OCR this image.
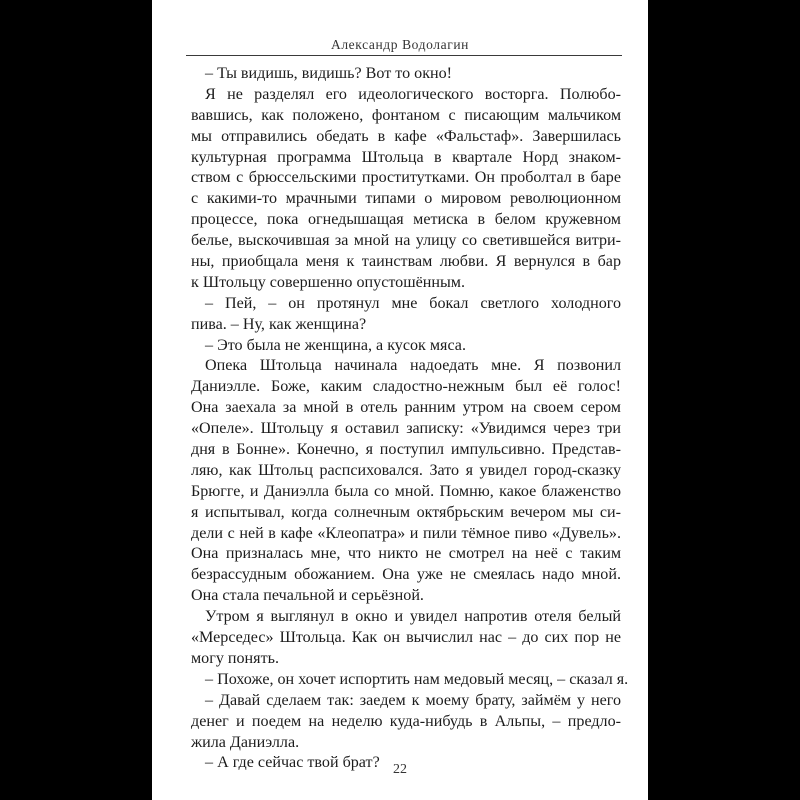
Александр Водолагин
– Ты видишь, видишь? Вот то окно!
Я не разделял его идеологического восторга. Полюбо-
вавшись, как положено, фонтаном с писающим мальчиком
мы отправились обедать в кафе «Фальстаф». Завершилась
культурная программа Штольца в квартале Норд знаком-
ством с брюссельскими проститутками. Он проболтал в баре
с какими-то мрачными типами о мировом революционном
процессе, пока огнедышащая метиска в белом кружевном
белье, выскочившая за мной на улицу со светившейся витри-
ны, приобщала меня к таинствам любви. Я вернулся в бар
к Штольцу совершенно опустошённым.
– Пей, – он протянул мне бокал светлого холодного
пива. – Ну, как женщина?
– Это была не женщина, а кусок мяса.
Опека Штольца начинала надоедать мне. Я позвонил
Даниэлле. Боже, каким сладостно-нежным был её голос!
Она заехала за мной в отель ранним утром на своем сером
«Опеле». Штольцу я оставил записку: «Увидимся через три
дня в Бонне». Конечно, я поступил импульсивно. Представ-
ляю, как Штольц распсиховался. Зато я увидел город-сказку
Брюгге, и Даниэлла была со мной. Помню, какое блаженство
я испытывал, когда солнечным октябрьским вечером мы си-
дели с ней в кафе «Клеопатра» и пили тёмное пиво «Дувель».
Она призналась мне, что никто не смотрел на неё с таким
безрассудным обожанием. Она уже не смеялась надо мной.
Она стала печальной и серьёзной.
Утром я выглянул в окно и увидел напротив отеля белый
«Мерседес» Штольца. Как он вычислил нас – до сих пор не
могу понять.
– Похоже, он хочет испортить нам медовый месяц, – сказал я.
– Давай сделаем так: заедем к моему брату, займём у него
денег и поедем на неделю куда-нибудь в Альпы, – предло-
жила Даниэлла.
– А где сейчас твой брат? 22
